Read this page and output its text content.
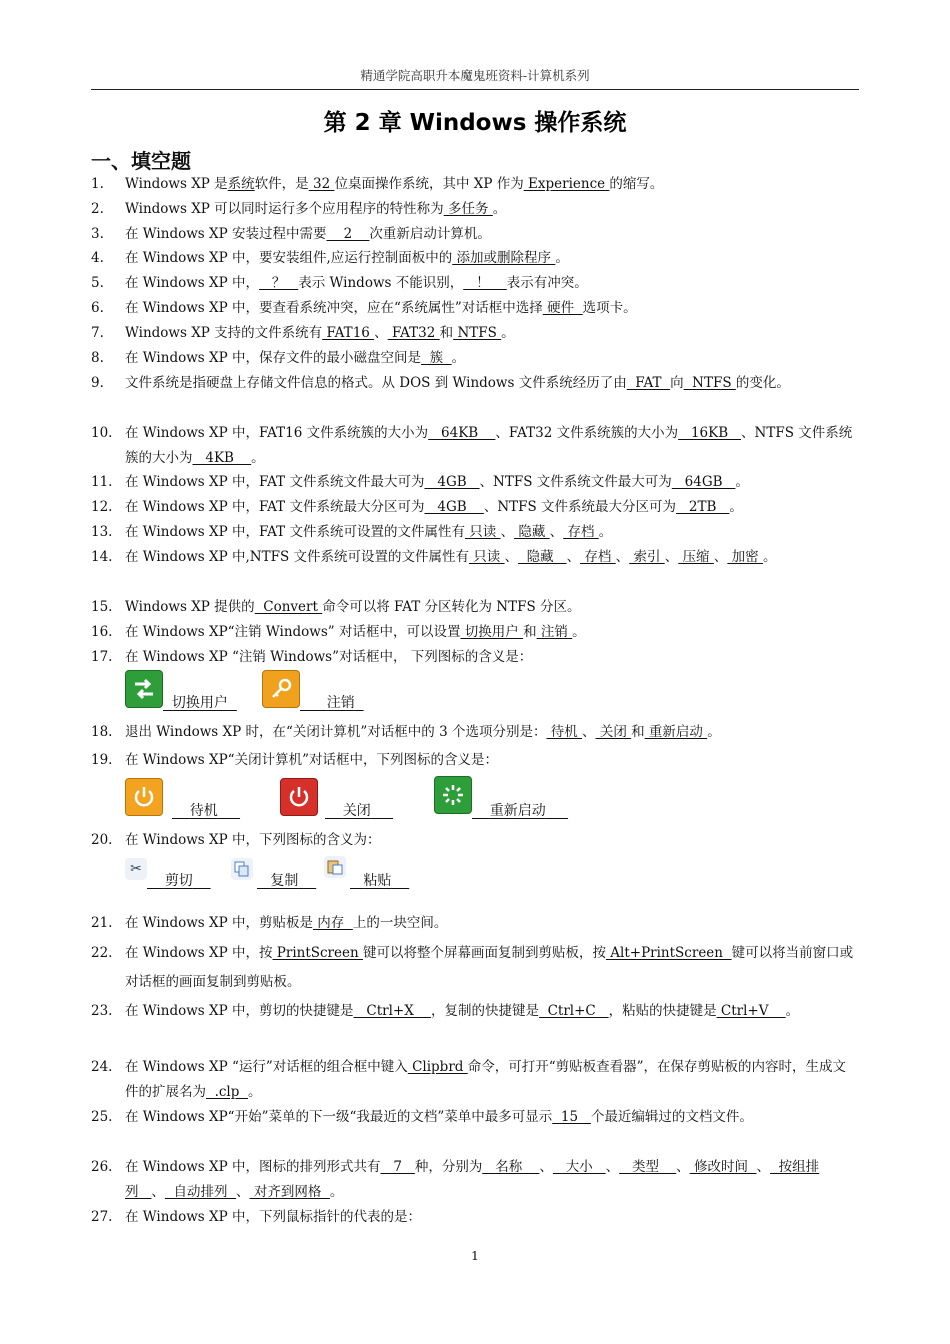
精通学院高职升本魔鬼班资料-计算机系列
第 2 章 Windows 操作系统
一、填空题
1.	Windows XP 是系统软件，是 32 位桌面操作系统，其中 XP 作为 Experience 的缩写。
2.	Windows XP 可以同时运行多个应用程序的特性称为 多任务 。
3.	在 Windows XP 安装过程中需要    2    次重新启动计算机。
4.	在 Windows XP 中，要安装组件,应运行控制面板中的 添加或删除程序 。
5.	在 Windows XP 中，   ？   表示 Windows 不能识别，   ！    表示有冲突。
6.	在 Windows XP 中，要查看系统冲突，应在“系统属性”对话框中选择 硬件  选项卡。
7.	Windows XP 支持的文件系统有 FAT16 、 FAT32 和 NTFS 。
8.	在 Windows XP 中，保存文件的最小磁盘空间是  簇  。
9.	文件系统是指硬盘上存储文件信息的格式。从 DOS 到 Windows 文件系统经历了由  FAT  向  NTFS 的变化。
10. 在 Windows XP 中，FAT16 文件系统簇的大小为   64KB    、FAT32 文件系统簇的大小为   16KB   、NTFS 文件系统簇的大小为   4KB    。
11. 在 Windows XP 中，FAT 文件系统文件最大可为   4GB   、NTFS 文件系统文件最大可为   64GB   。
12. 在 Windows XP 中，FAT 文件系统最大分区可为   4GB    、NTFS 文件系统最大分区可为   2TB   。
13. 在 Windows XP 中，FAT 文件系统可设置的文件属性有 只读 、 隐藏 、 存档 。
14. 在 Windows XP 中,NTFS 文件系统可设置的文件属性有 只读 、  隐藏   、 存档 、 索引 、 压缩 、 加密 。
15. Windows XP 提供的  Convert 命令可以将 FAT 分区转化为 NTFS 分区。
16. 在 Windows XP“注销 Windows” 对话框中，可以设置 切换用户 和 注销 。
17. 在 Windows XP “注销 Windows”对话框中， 下列图标的含义是：
18. 退出 Windows XP 时，在“关闭计算机”对话框中的 3 个选项分别是： 待机 、 关闭 和 重新启动 。
19. 在 Windows XP“关闭计算机”对话框中，下列图标的含义是：
20. 在 Windows XP 中，下列图标的含义为：
21. 在 Windows XP 中，剪贴板是 内存  上的一块空间。
22. 在 Windows XP 中，按 PrintScreen 键可以将整个屏幕画面复制到剪贴板，按 Alt+PrintScreen  键可以将当前窗口或对话框的画面复制到剪贴板。
23. 在 Windows XP 中，剪切的快捷键是   Ctrl+X    ，复制的快捷键是  Ctrl+C   ，粘贴的快捷键是 Ctrl+V    。
24. 在 Windows XP “运行”对话框的组合框中键入 Clipbrd 命令，可打开“剪贴板查看器”，在保存剪贴板的内容时，生成文件的扩展名为  .clp  。
25. 在 Windows XP“开始”菜单的下一级“我最近的文档”菜单中最多可显示  15   个最近编辑过的文档文件。
26. 在 Windows XP 中，图标的排列形式共有   7   种，分别为   名称    、   大小   、   类型    、 修改时间  、  按组排列   、  自动排列  、 对齐到网格  。
27. 在 Windows XP 中，下列鼠标指针的代表的是：
切换用户	注销
待机	关闭	重新启动
✂
剪切	复制	粘贴
1
